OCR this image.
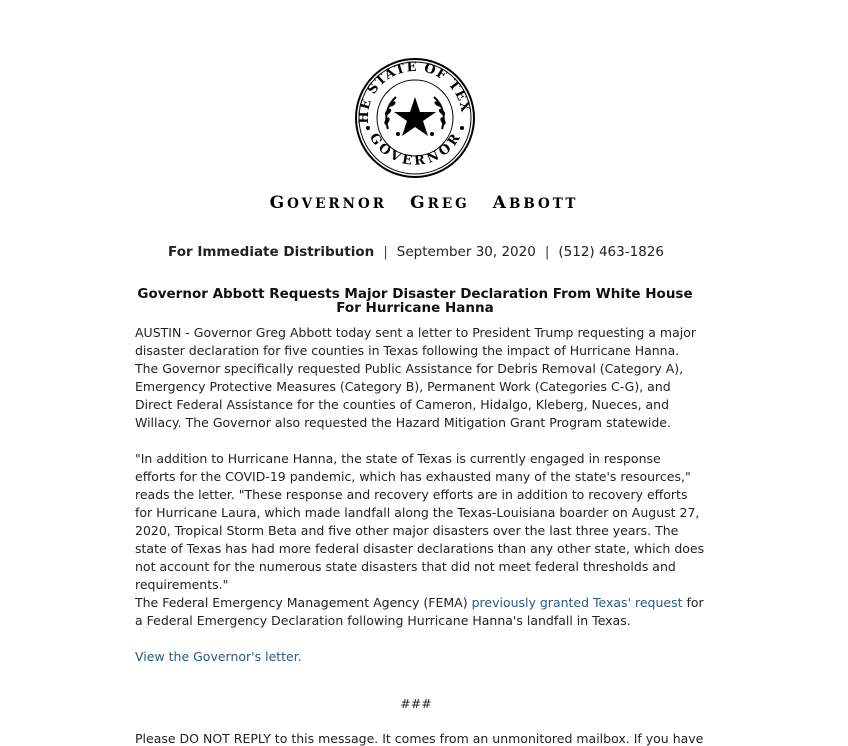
HE STATE OF TEX
GOVERNOR
GOVERNOR GREG ABBOTT
For Immediate Distribution | September 30, 2020 | (512) 463-1826
Governor Abbott Requests Major Disaster Declaration From White House For Hurricane Hanna
AUSTIN - Governor Greg Abbott today sent a letter to President Trump requesting a major disaster declaration for five counties in Texas following the impact of Hurricane Hanna. The Governor specifically requested Public Assistance for Debris Removal (Category A), Emergency Protective Measures (Category B), Permanent Work (Categories C-G), and Direct Federal Assistance for the counties of Cameron, Hidalgo, Kleberg, Nueces, and Willacy. The Governor also requested the Hazard Mitigation Grant Program statewide.
"In addition to Hurricane Hanna, the state of Texas is currently engaged in response efforts for the COVID-19 pandemic, which has exhausted many of the state's resources," reads the letter. "These response and recovery efforts are in addition to recovery efforts for Hurricane Laura, which made landfall along the Texas-Louisiana boarder on August 27, 2020, Tropical Storm Beta and five other major disasters over the last three years. The state of Texas has had more federal disaster declarations than any other state, which does not account for the numerous state disasters that did not meet federal thresholds and requirements."
The Federal Emergency Management Agency (FEMA) previously granted Texas' request for a Federal Emergency Declaration following Hurricane Hanna's landfall in Texas.
View the Governor's letter.
###
Please DO NOT REPLY to this message. It comes from an unmonitored mailbox. If you have
